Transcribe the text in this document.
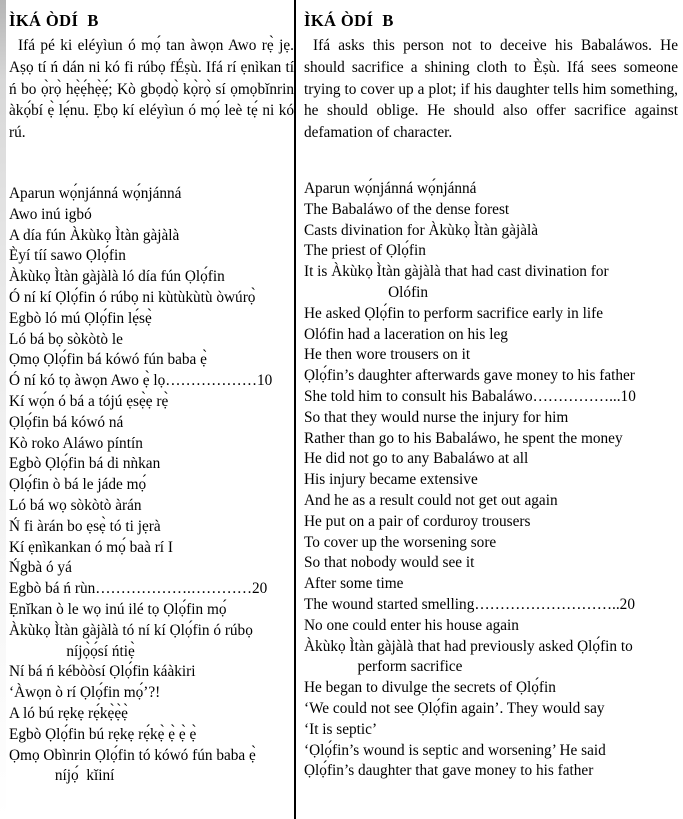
ÌKÁ ÒDÍ  B

Ifá pé ki eléyìun ó mọ́ tan àwọn Awo rẹ̀ jẹ. Aṣọ tí ń dán ni kó fi rúbọ fÉṣù. Ifá rí ẹnìkan tí ń bo ọ̀rọ̀ hẹ̀ẹ́hẹ̀ẹ́; Kò gbọdọ̀ kọ̀rọ̀ sí ọmọbǐnrin àkọ́bí ẹ̀ lẹ́nu. Ẹbọ kí eléyìun ó mọ́ leè tẹ́ ni kó rú.

Aparun wọ́njánná wọ́njánná
Awo inú igbó
A día fún Àkùkọ Ìtàn gàjàlà
Èyí tíí sawo Ọlọ́fin
Àkùkọ Ìtàn gàjàlà ló día fún Ọlọ́fin
Ó ní kí Ọlọ́fin ó rúbọ ni kùtùkùtù òwúrọ̀
Egbò ló mú Ọlọ́fin lẹ́sẹ̀
Ló bá bọ sòkòtò le
Ọmọ Ọlọ́fin bá kówó fún baba ẹ̀
Ó ní kó tọ àwọn Awo ẹ̀ lọ………………10
Kí wọ́n ó bá a tójú ẹsẹ̀ẹ rẹ̀
Ọlọ́fin bá kówó ná
Kò roko Aláwo píntín
Egbò Ọlọ́fin bá di nǹkan
Ọlọ́fin ò bá le jáde mọ́
Ló bá wọ sòkòtò àrán
Ń fi àrán bo ẹsẹ̀ tó ti jẹrà
Kí ẹnìkankan ó mọ́ baà rí I
Ńgbà ó yá
Egbò bá ń rùn……………….…………20
Ẹnǐkan ò le wọ inú ilé tọ Ọlọ́fin mọ́
Àkùkọ Ìtàn gàjàlà tó ní kí Ọlọ́fin ó rúbọ
níjọ̀ọ́sí ńtiẹ̀
Ní bá ń kébòòsí Ọlọ́fin káàkiri
‘Àwọn ò rí Ọlọ́fin mọ́’?!
A ló bú rẹkẹ rẹ́kẹ̀ẹ̀ẹ̀
Egbò Ọlọ́fin bú rẹkẹ rẹ́kẹ̀ ẹ̀ ẹ̀ ẹ̀
Ọmọ Obìnrin Ọlọ́fin tó kówó fún baba ẹ̀
níjọ́  kǐiní
ÌKÁ ÒDÍ  B

Ifá asks this person not to deceive his Babaláwos. He should sacrifice a shining cloth to Èṣù. Ifá sees someone trying to cover up a plot; if his daughter tells him something, he should oblige. He should also offer sacrifice against defamation of character.

Aparun wọ́njánná wọ́njánná
The Babaláwo of the dense forest
Casts divination for Àkùkọ Ìtàn gàjàlà
The priest of Ọlọ́fin
It is Àkùkọ Ìtàn gàjàlà that had cast divination for
Olófin
He asked Ọlọ́fin to perform sacrifice early in life
Olófin had a laceration on his leg
He then wore trousers on it
Ọlọ́fin’s daughter afterwards gave money to his father
She told him to consult his Babaláwo……………...10
So that they would nurse the injury for him
Rather than go to his Babaláwo, he spent the money
He did not go to any Babaláwo at all
His injury became extensive
And he as a result could not get out again
He put on a pair of corduroy trousers
To cover up the worsening sore
So that nobody would see it
After some time
The wound started smelling………………………..20
No one could enter his house again
Àkùkọ Ìtàn gàjàlà that had previously asked Ọlọ́fin to
perform sacrifice
He began to divulge the secrets of Ọlọ́fin
‘We could not see Ọlọ́fin again’. They would say
‘It is septic’
‘Ọlọ́fin’s wound is septic and worsening’ He said
Ọlọ́fin’s daughter that gave money to his father
